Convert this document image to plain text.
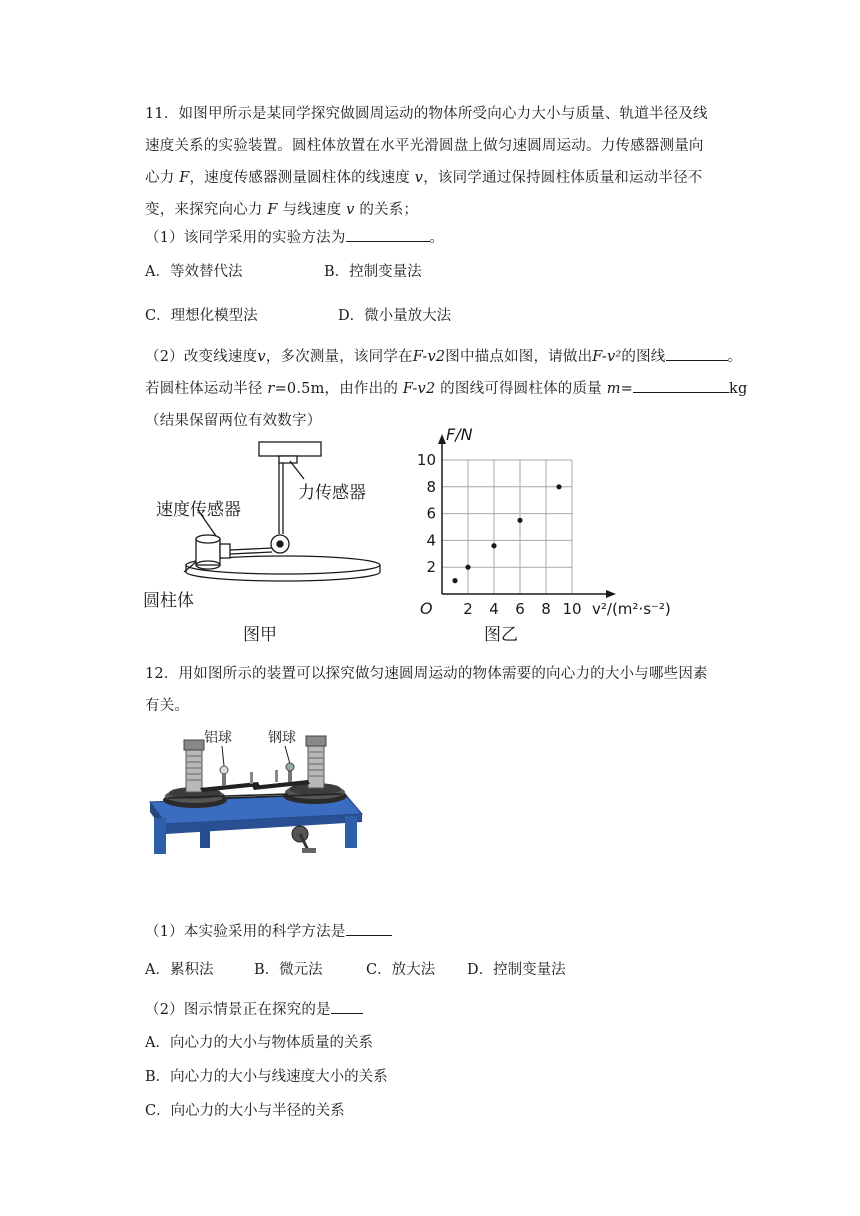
11．如图甲所示是某同学探究做圆周运动的物体所受向心力大小与质量、轨道半径及线
速度关系的实验装置。圆柱体放置在水平光滑圆盘上做匀速圆周运动。力传感器测量向
心力 F，速度传感器测量圆柱体的线速度 v，该同学通过保持圆柱体质量和运动半径不
变，来探究向心力 F 与线速度 v 的关系；
（1）该同学采用的实验方法为	。
A．等效替代法	B．控制变量法
C．理想化模型法	D．微小量放大法
（2）改变线速度v，多次测量，该同学在F-v2图中描点如图，请做出F-v²的图线	。
若圆柱体运动半径 r=0.5m，由作出的 F-v2 的图线可得圆柱体的质量 m=	kg
（结果保留两位有效数字）
速度传感器
力传感器
圆柱体
图甲
2 4 6 8 10
2
4
6
8
10
F/N
v²/(m²·s⁻²)
O
图乙
12．用如图所示的装置可以探究做匀速圆周运动的物体需要的向心力的大小与哪些因素
有关。
铝球	钢球
（1）本实验采用的科学方法是
A．累积法	B．微元法	C．放大法 D．控制变量法
（2）图示情景正在探究的是
A．向心力的大小与物体质量的关系
B．向心力的大小与线速度大小的关系
C．向心力的大小与半径的关系
